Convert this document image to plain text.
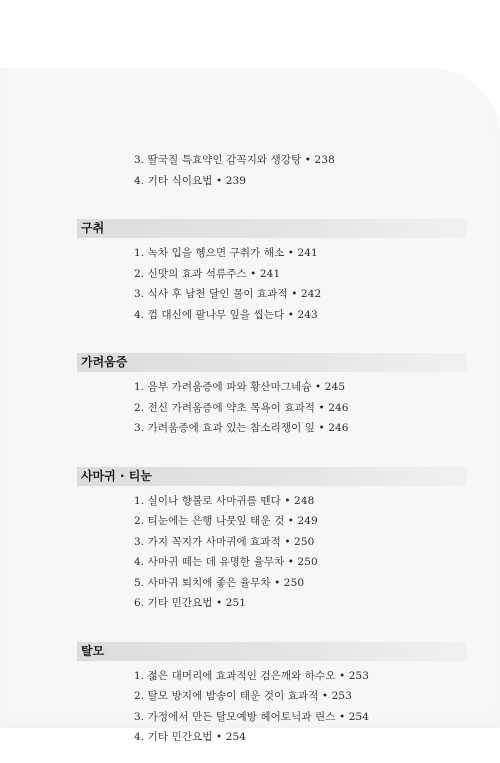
3. 딸국질 특효약인 감꼭지와 생강탕 • 238
4. 기타 식이요법 • 239
구취
1. 녹차 입을 헹으면 구취가 해소 • 241
2. 신맛의 효과 석류주스 • 241
3. 식사 후 남천 달인 물이 효과적 • 242
4. 껌 대신에 팔나무 잎을 씹는다 • 243
가려움증
1. 음부 가려움증에 파와 황산마그네슘 • 245
2. 전신 가려움증에 약초 목욕이 효과적 • 246
3. 가려움증에 효과 있는 참소리쟁이 잎 • 246
사마귀 · 티눈
1. 실이나 향불로 사마귀를 뗀다 • 248
2. 티눈에는 은행 나뭇잎 태운 것 • 249
3. 가지 꼭지가 사마귀에 효과적 • 250
4. 사마귀 떼는 데 유명한 율무차 • 250
5. 사마귀 퇴치에 좋은 율무차 • 250
6. 기타 민간요법 • 251
탈모
1. 젊은 대머리에 효과적인 검은깨와 하수오 • 253
2. 탈모 방지에 밤송이 태운 것이 효과적 • 253
3. 가정에서 만든 탈모예방 헤어토닉과 린스 • 254
4. 기타 민간요법 • 254
